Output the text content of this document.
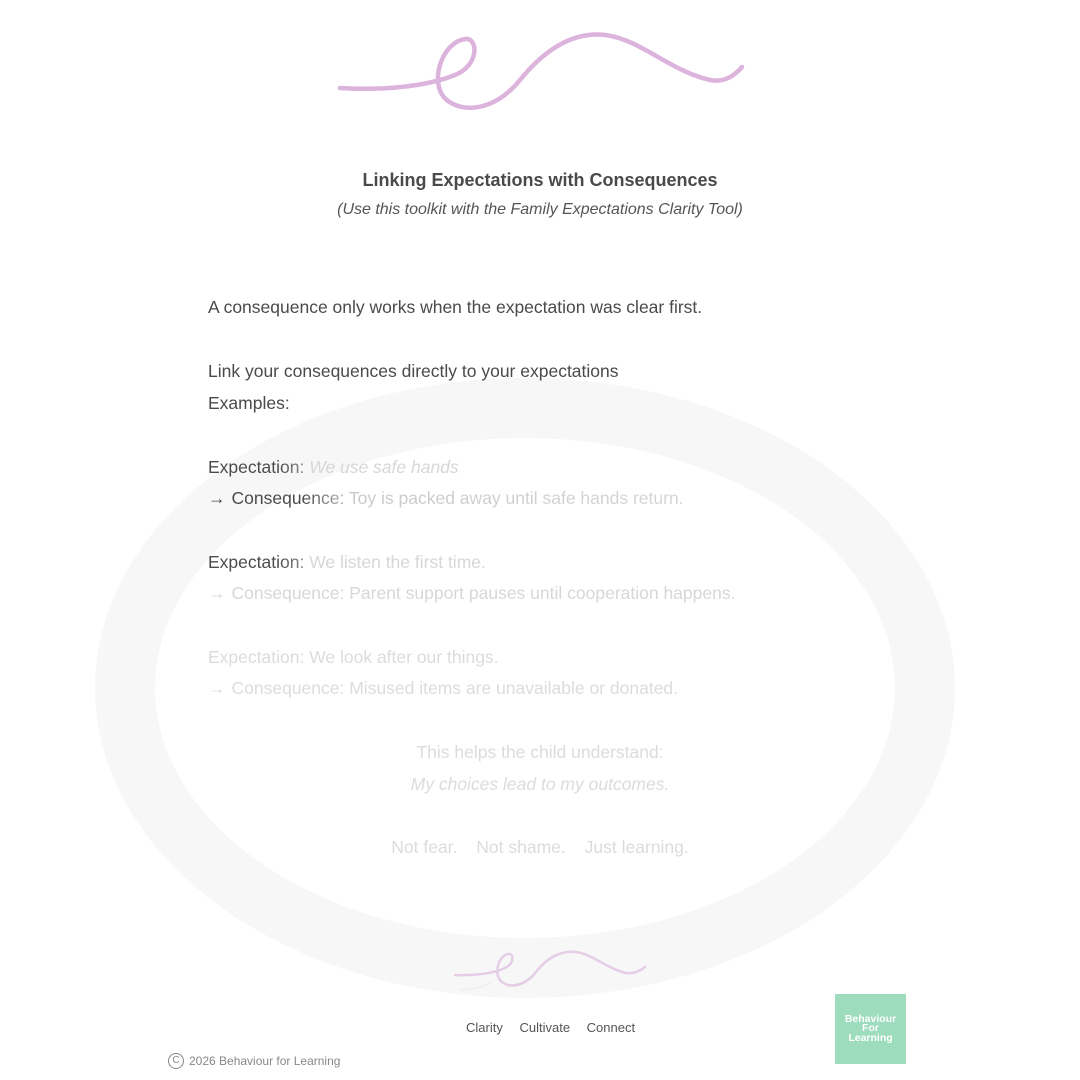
Linking Expectations with Consequences
(Use this toolkit with the Family Expectations Clarity Tool)
A consequence only works when the expectation was clear first.
Link your consequences directly to your expectations
Examples:
Expectation: We use safe hands
→ Consequence: Toy is packed away until safe hands return.
Expectation: We listen the first time.
→ Consequence: Parent support pauses until cooperation happens.
Expectation: We look after our things.
→ Consequence: Misused items are unavailable or donated.
This helps the child understand:
My choices lead to my outcomes.
Not fear. Not shame. Just learning.
Clarity Cultivate Connect
C 2026 Behaviour for Learning
Behaviour
For
Learning
